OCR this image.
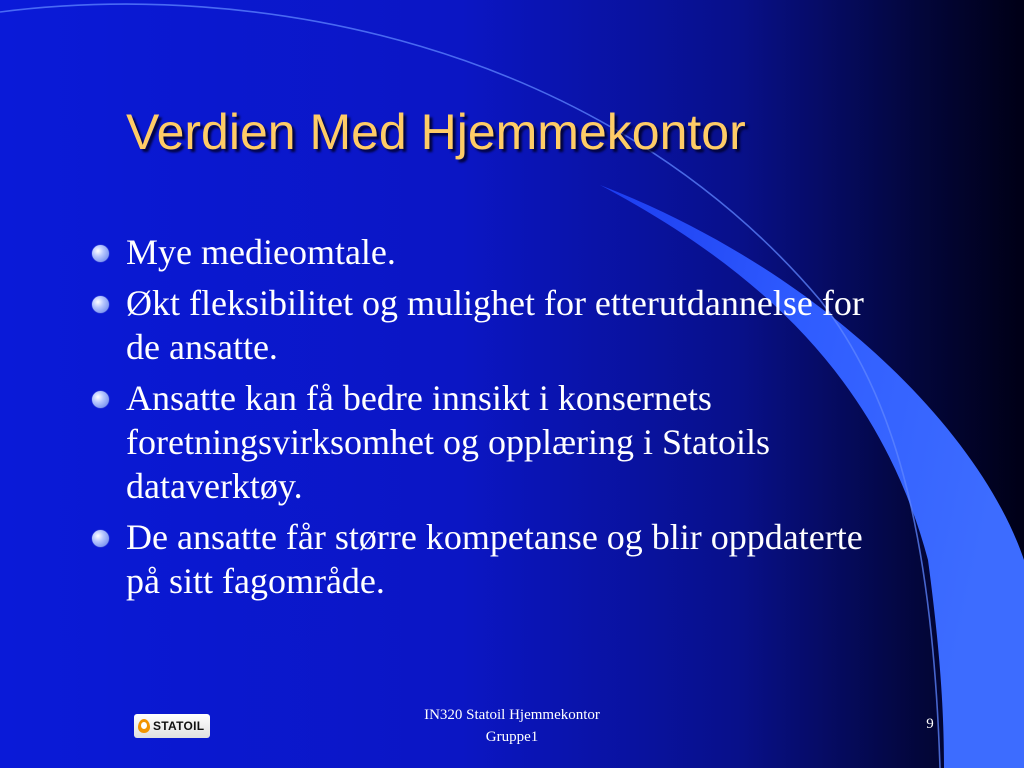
Verdien Med Hjemmekontor
Mye medieomtale.
Økt fleksibilitet og mulighet for etterutdannelse for de ansatte.
Ansatte kan få bedre innsikt i konsernets foretningsvirksomhet og opplæring i Statoils dataverktøy.
De ansatte får større kompetanse og blir oppdaterte på sitt fagområde.
STATOIL
IN320 Statoil Hjemmekontor
Gruppe1
9
